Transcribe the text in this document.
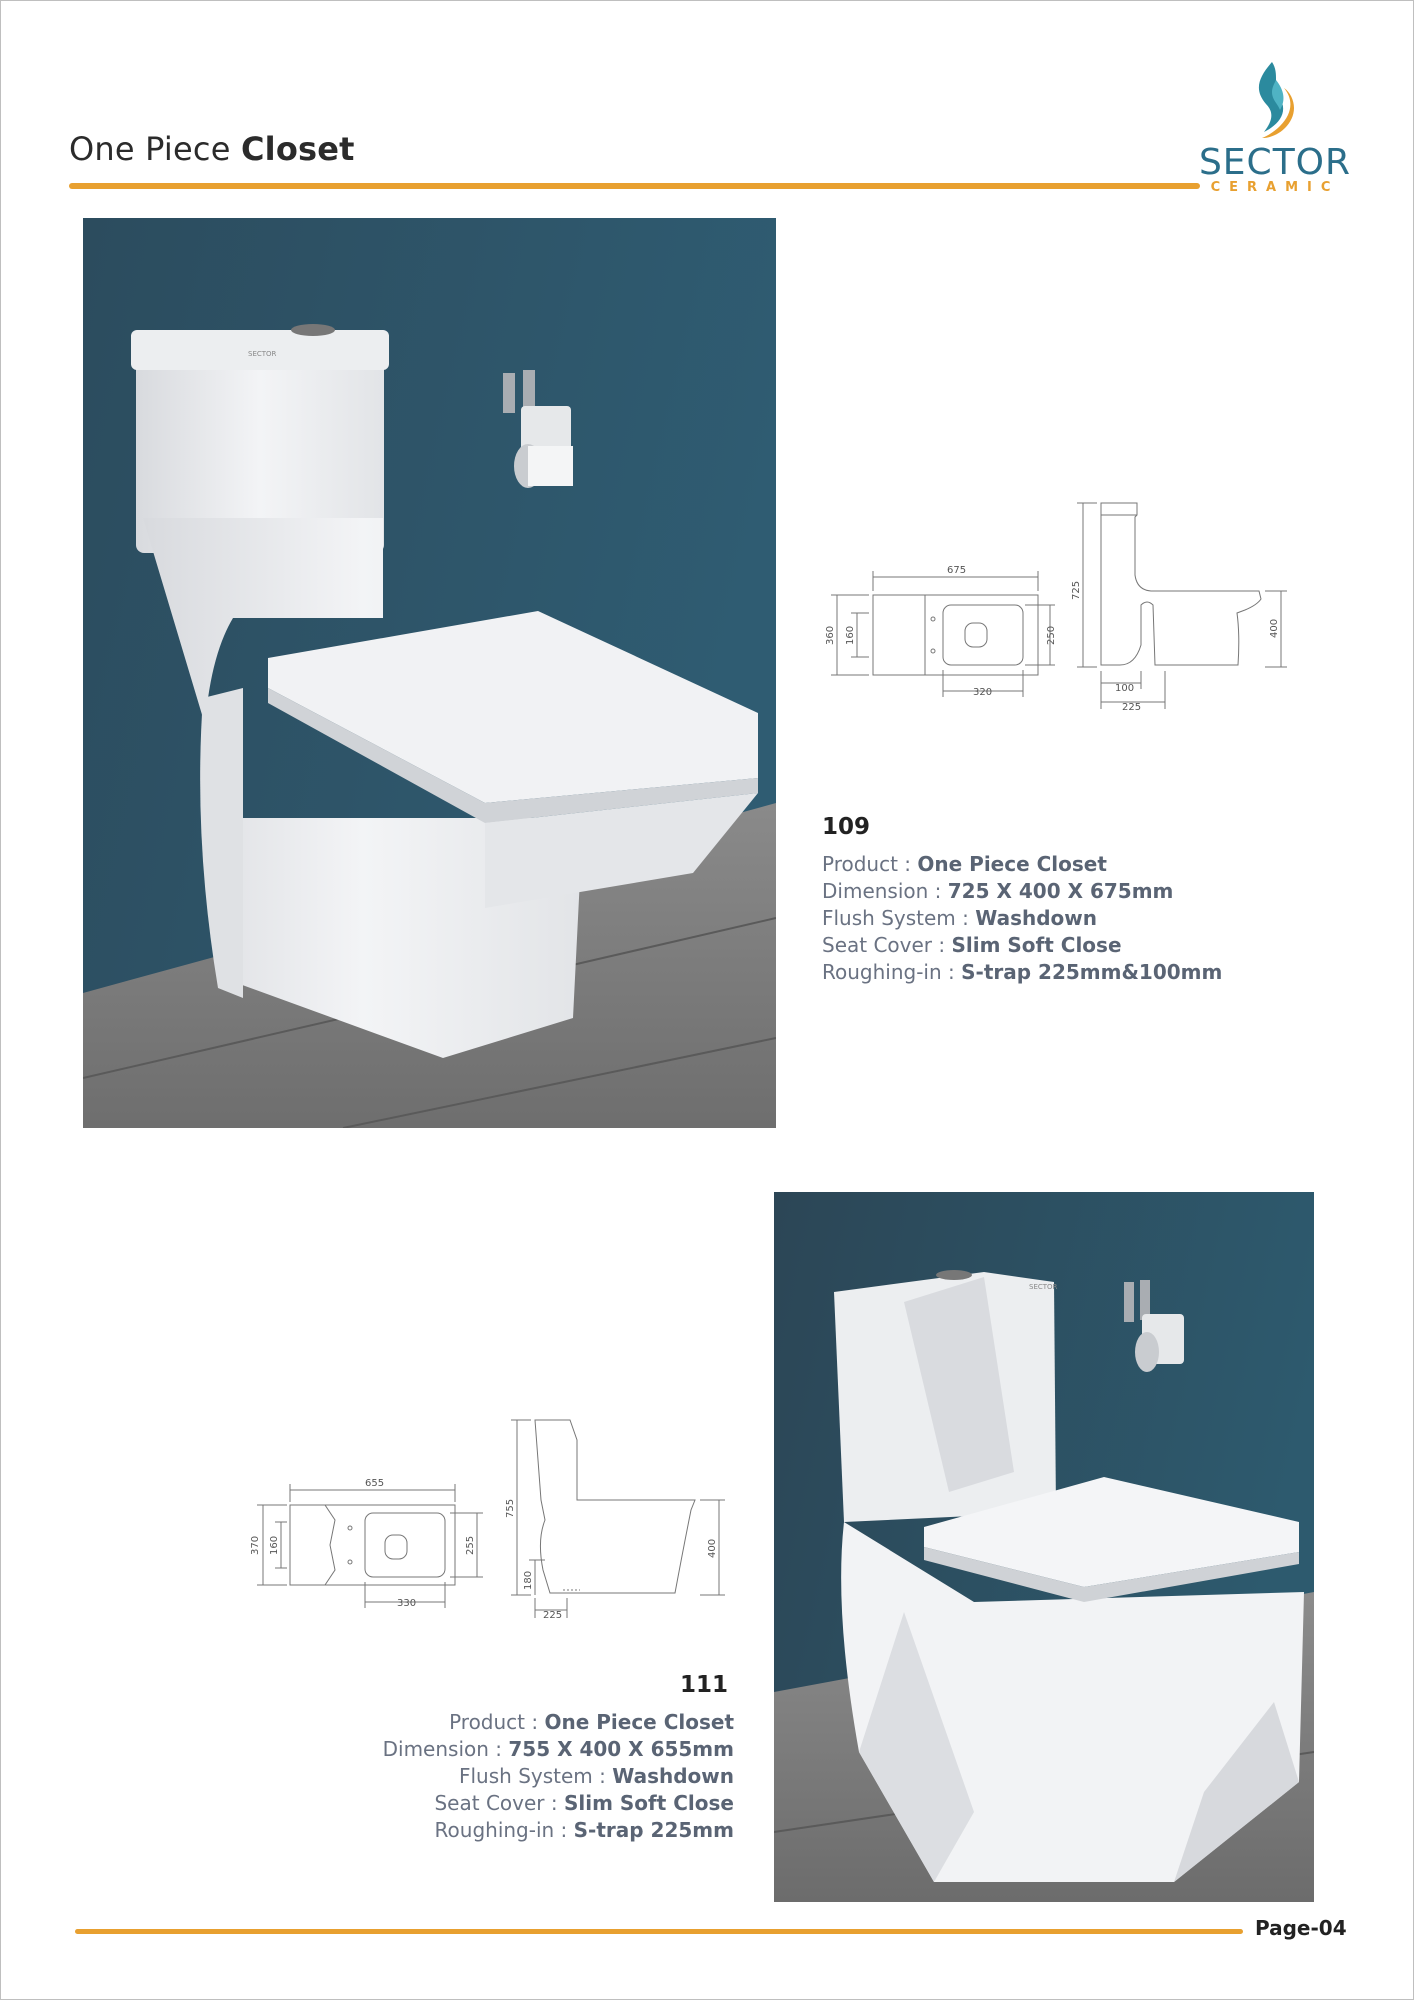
One Piece Closet	SECTOR
CERAMIC
SECTOR
675
360 160	250
320
725
400
100
225
109
Product : One Piece Closet
Dimension : 725 X 400 X 675mm
Flush System : Washdown
Seat Cover : Slim Soft Close
Roughing-in : S-trap 225mm&100mm
655
370 160	255
330
755
400
180
225
111
Product : One Piece Closet
Dimension : 755 X 400 X 655mm
Flush System : Washdown
Seat Cover : Slim Soft Close
Roughing-in : S-trap 225mm
SECTOR
Page-04
